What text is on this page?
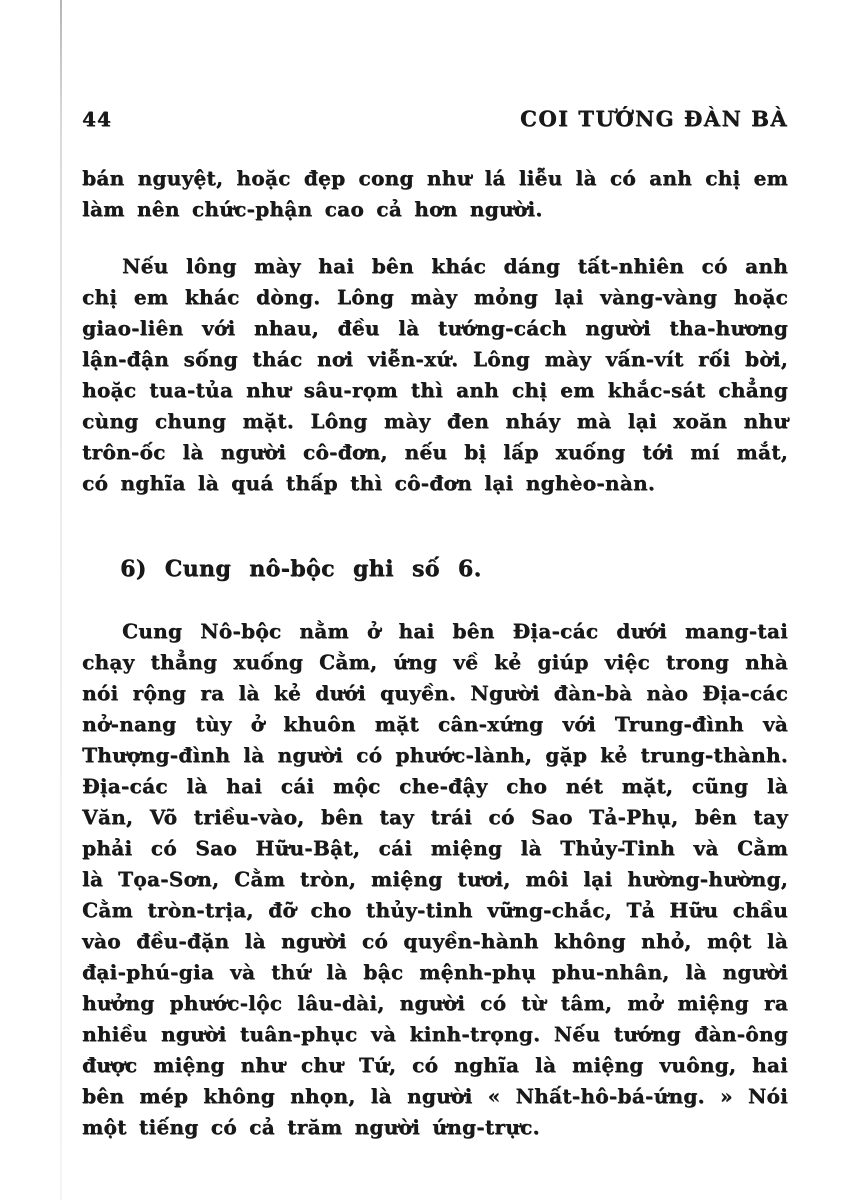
44	COI TƯỚNG ĐÀN BÀ
bán nguyệt, hoặc đẹp cong như lá liễu là có anh chị em
làm nên chức-phận cao cả hơn người.
Nếu lông mày hai bên khác dáng tất-nhiên có anh
chị em khác dòng. Lông mày mỏng lại vàng-vàng hoặc
giao-liên với nhau, đều là tướng-cách người tha-hương
lận-đận sống thác nơi viễn-xứ. Lông mày vấn-vít rối bời,
hoặc tua-tủa như sâu-rọm thì anh chị em khắc-sát chẳng
cùng chung mặt. Lông mày đen nháy mà lại xoăn như
trôn-ốc là người cô-đơn, nếu bị lấp xuống tới mí mắt,
có nghĩa là quá thấp thì cô-đơn lại nghèo-nàn.
6) Cung nô-bộc ghi số 6.
Cung Nô-bộc nằm ở hai bên Địa-các dưới mang-tai
chạy thẳng xuống Cằm, ứng về kẻ giúp việc trong nhà
nói rộng ra là kẻ dưới quyền. Người đàn-bà nào Địa-các
nở-nang tùy ở khuôn mặt cân-xứng với Trung-đình và
Thượng-đình là người có phước-lành, gặp kẻ trung-thành.
Địa-các là hai cái mộc che-đậy cho nét mặt, cũng là
Văn, Võ triều-vào, bên tay trái có Sao Tả-Phụ, bên tay
phải có Sao Hữu-Bật, cái miệng là Thủy-Tinh và Cằm
là Tọa-Sơn, Cằm tròn, miệng tươi, môi lại hường-hường,
Cằm tròn-trịa, đỡ cho thủy-tinh vững-chắc, Tả Hữu chầu
vào đều-đặn là người có quyền-hành không nhỏ, một là
đại-phú-gia và thứ là bậc mệnh-phụ phu-nhân, là người
hưởng phước-lộc lâu-dài, người có từ tâm, mở miệng ra
nhiều người tuân-phục và kinh-trọng. Nếu tướng đàn-ông
được miệng như chư Tứ, có nghĩa là miệng vuông, hai
bên mép không nhọn, là người « Nhất-hô-bá-ứng. » Nói
một tiếng có cả trăm người ứng-trực.
